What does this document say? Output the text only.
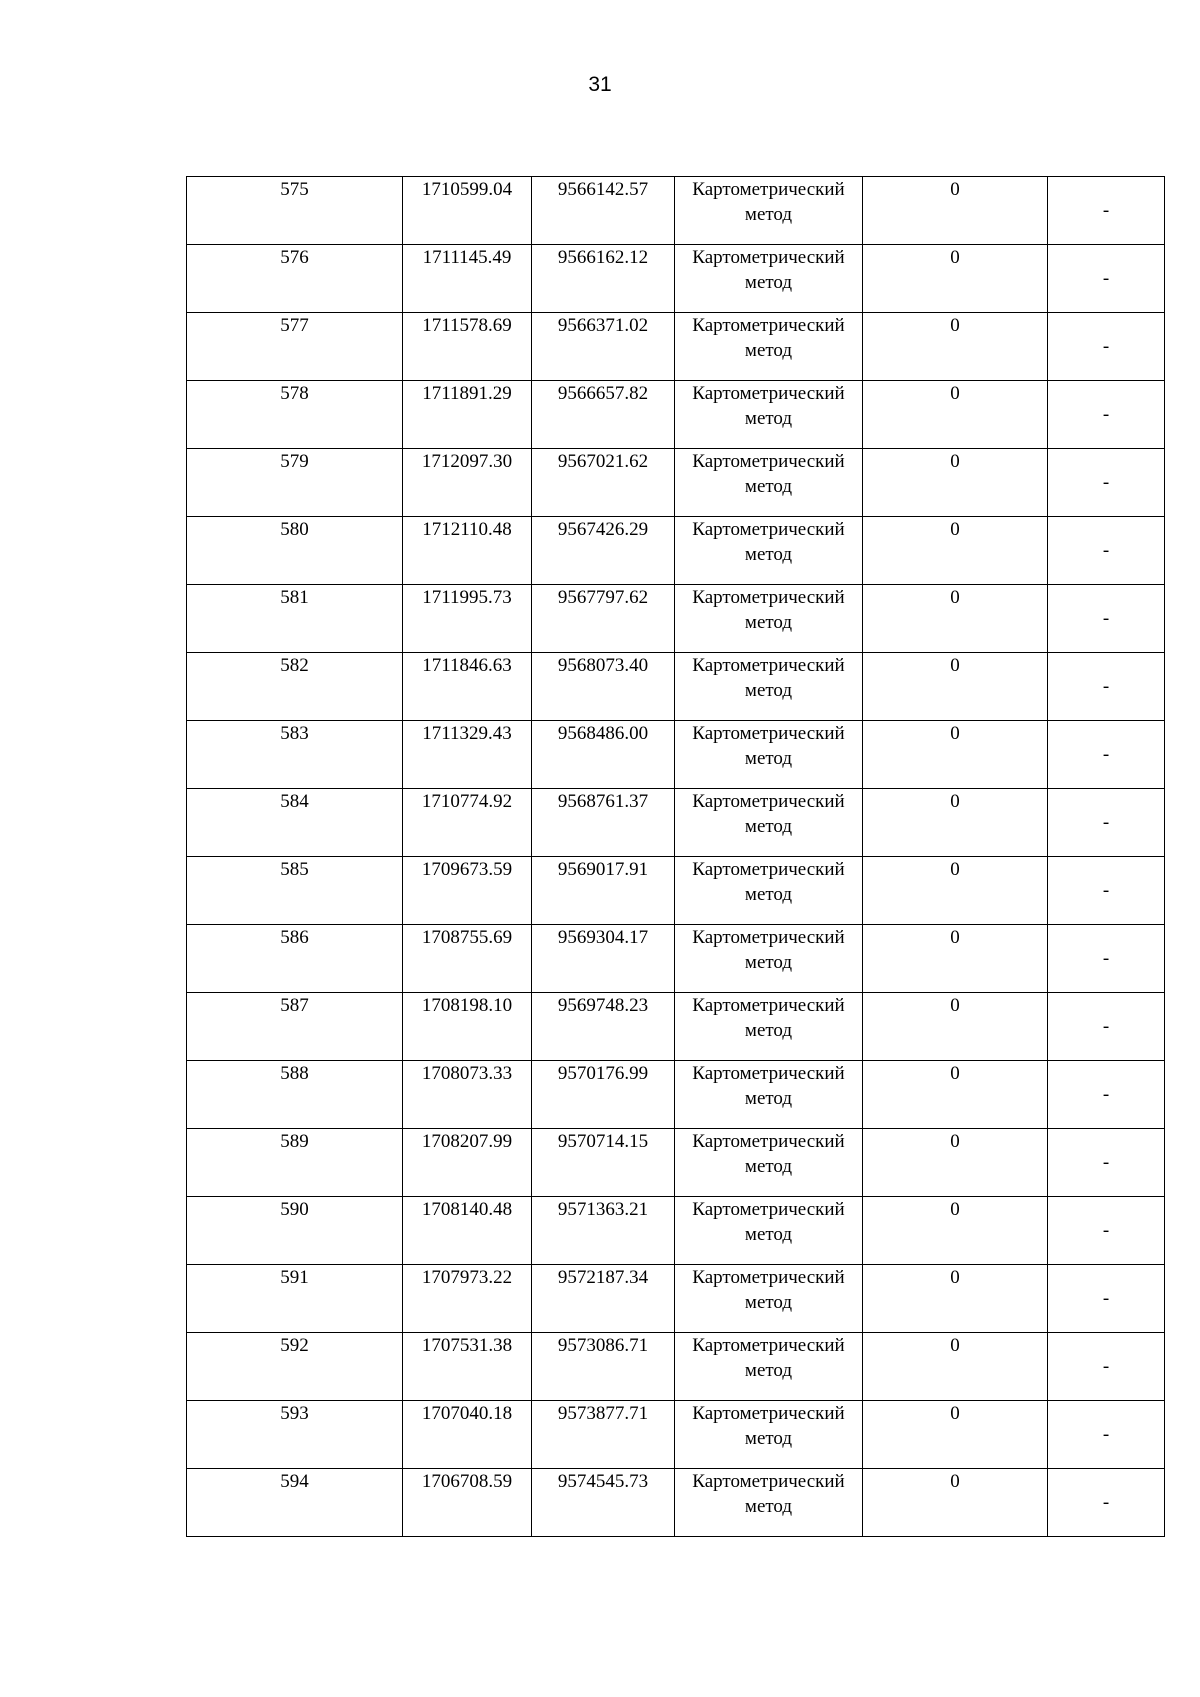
31
575	1710599.04	9566142.57	Картометрический метод	0	-
576	1711145.49	9566162.12	Картометрический метод	0	-
577	1711578.69	9566371.02	Картометрический метод	0	-
578	1711891.29	9566657.82	Картометрический метод	0	-
579	1712097.30	9567021.62	Картометрический метод	0	-
580	1712110.48	9567426.29	Картометрический метод	0	-
581	1711995.73	9567797.62	Картометрический метод	0	-
582	1711846.63	9568073.40	Картометрический метод	0	-
583	1711329.43	9568486.00	Картометрический метод	0	-
584	1710774.92	9568761.37	Картометрический метод	0	-
585	1709673.59	9569017.91	Картометрический метод	0	-
586	1708755.69	9569304.17	Картометрический метод	0	-
587	1708198.10	9569748.23	Картометрический метод	0	-
588	1708073.33	9570176.99	Картометрический метод	0	-
589	1708207.99	9570714.15	Картометрический метод	0	-
590	1708140.48	9571363.21	Картометрический метод	0	-
591	1707973.22	9572187.34	Картометрический метод	0	-
592	1707531.38	9573086.71	Картометрический метод	0	-
593	1707040.18	9573877.71	Картометрический метод	0	-
594	1706708.59	9574545.73	Картометрический метод	0	-
